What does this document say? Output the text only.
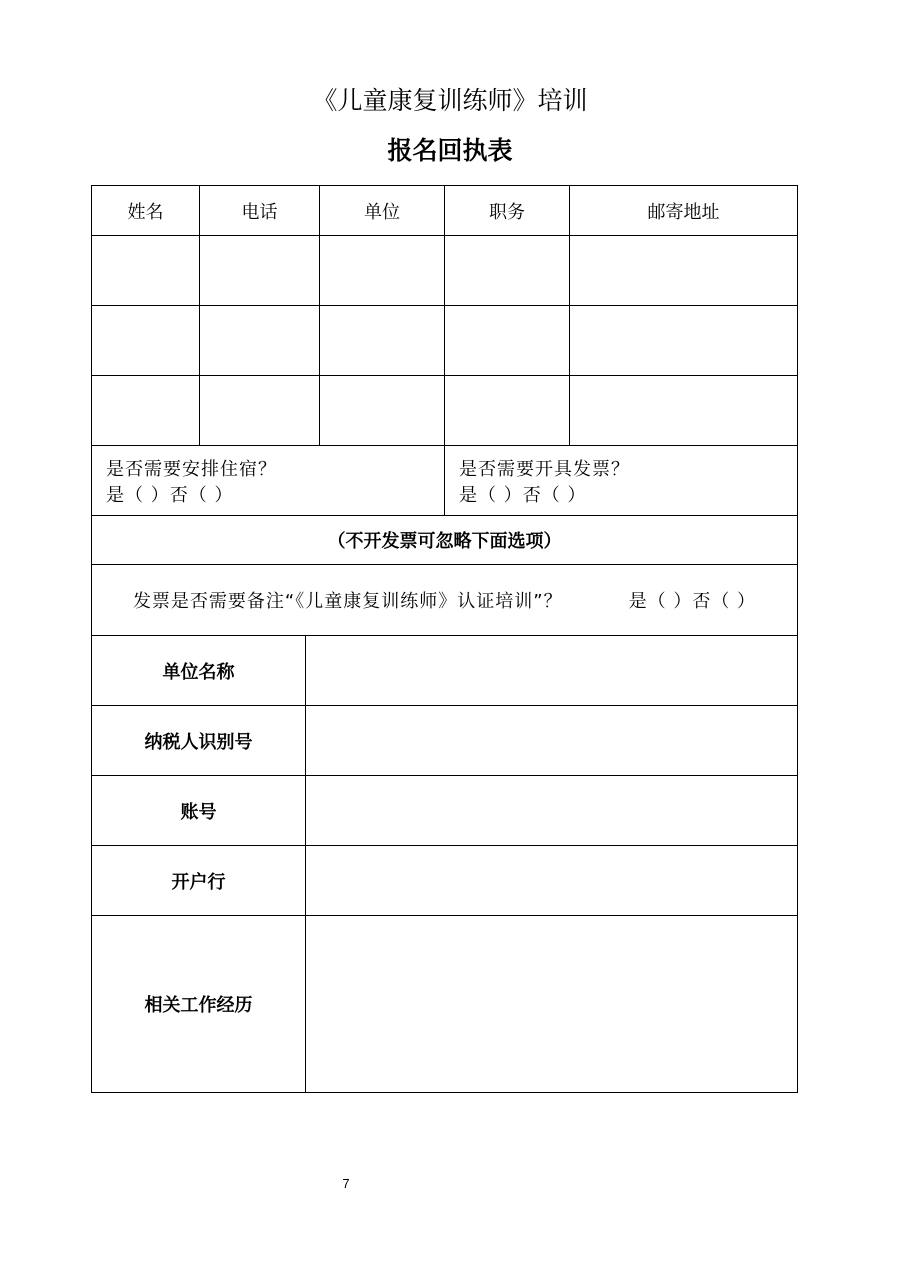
《儿童康复训练师》培训
报名回执表
姓名	电话	单位	职务	邮寄地址

是否需要安排住宿？是（ ）否（ ）			是否需要开具发票？是（ ）否（ ）	
（不开发票可忽略下面选项）				
发票是否需要备注“《儿童康复训练师》认证培训”？ 是（ ）否（ ）				
单位名称	
纳税人识别号	
账号	
开户行	
相关工作经历	
7
